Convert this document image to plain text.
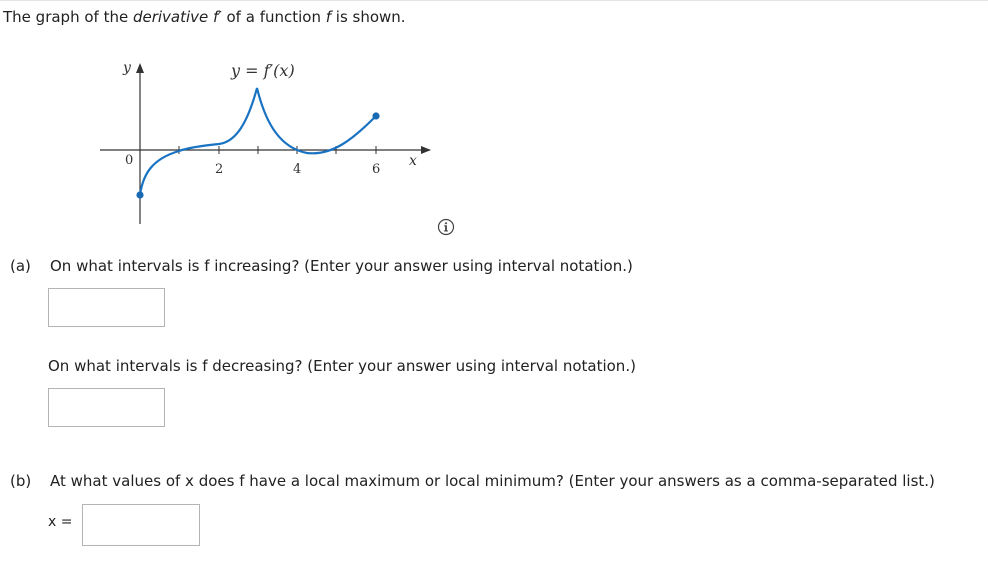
The graph of the derivative f′ of a function f is shown.
y
x
y = f′(x)
0
2	4	6
(a) On what intervals is f increasing? (Enter your answer using interval notation.)
On what intervals is f decreasing? (Enter your answer using interval notation.)
(b) At what values of x does f have a local maximum or local minimum? (Enter your answers as a comma-separated list.)
x =
